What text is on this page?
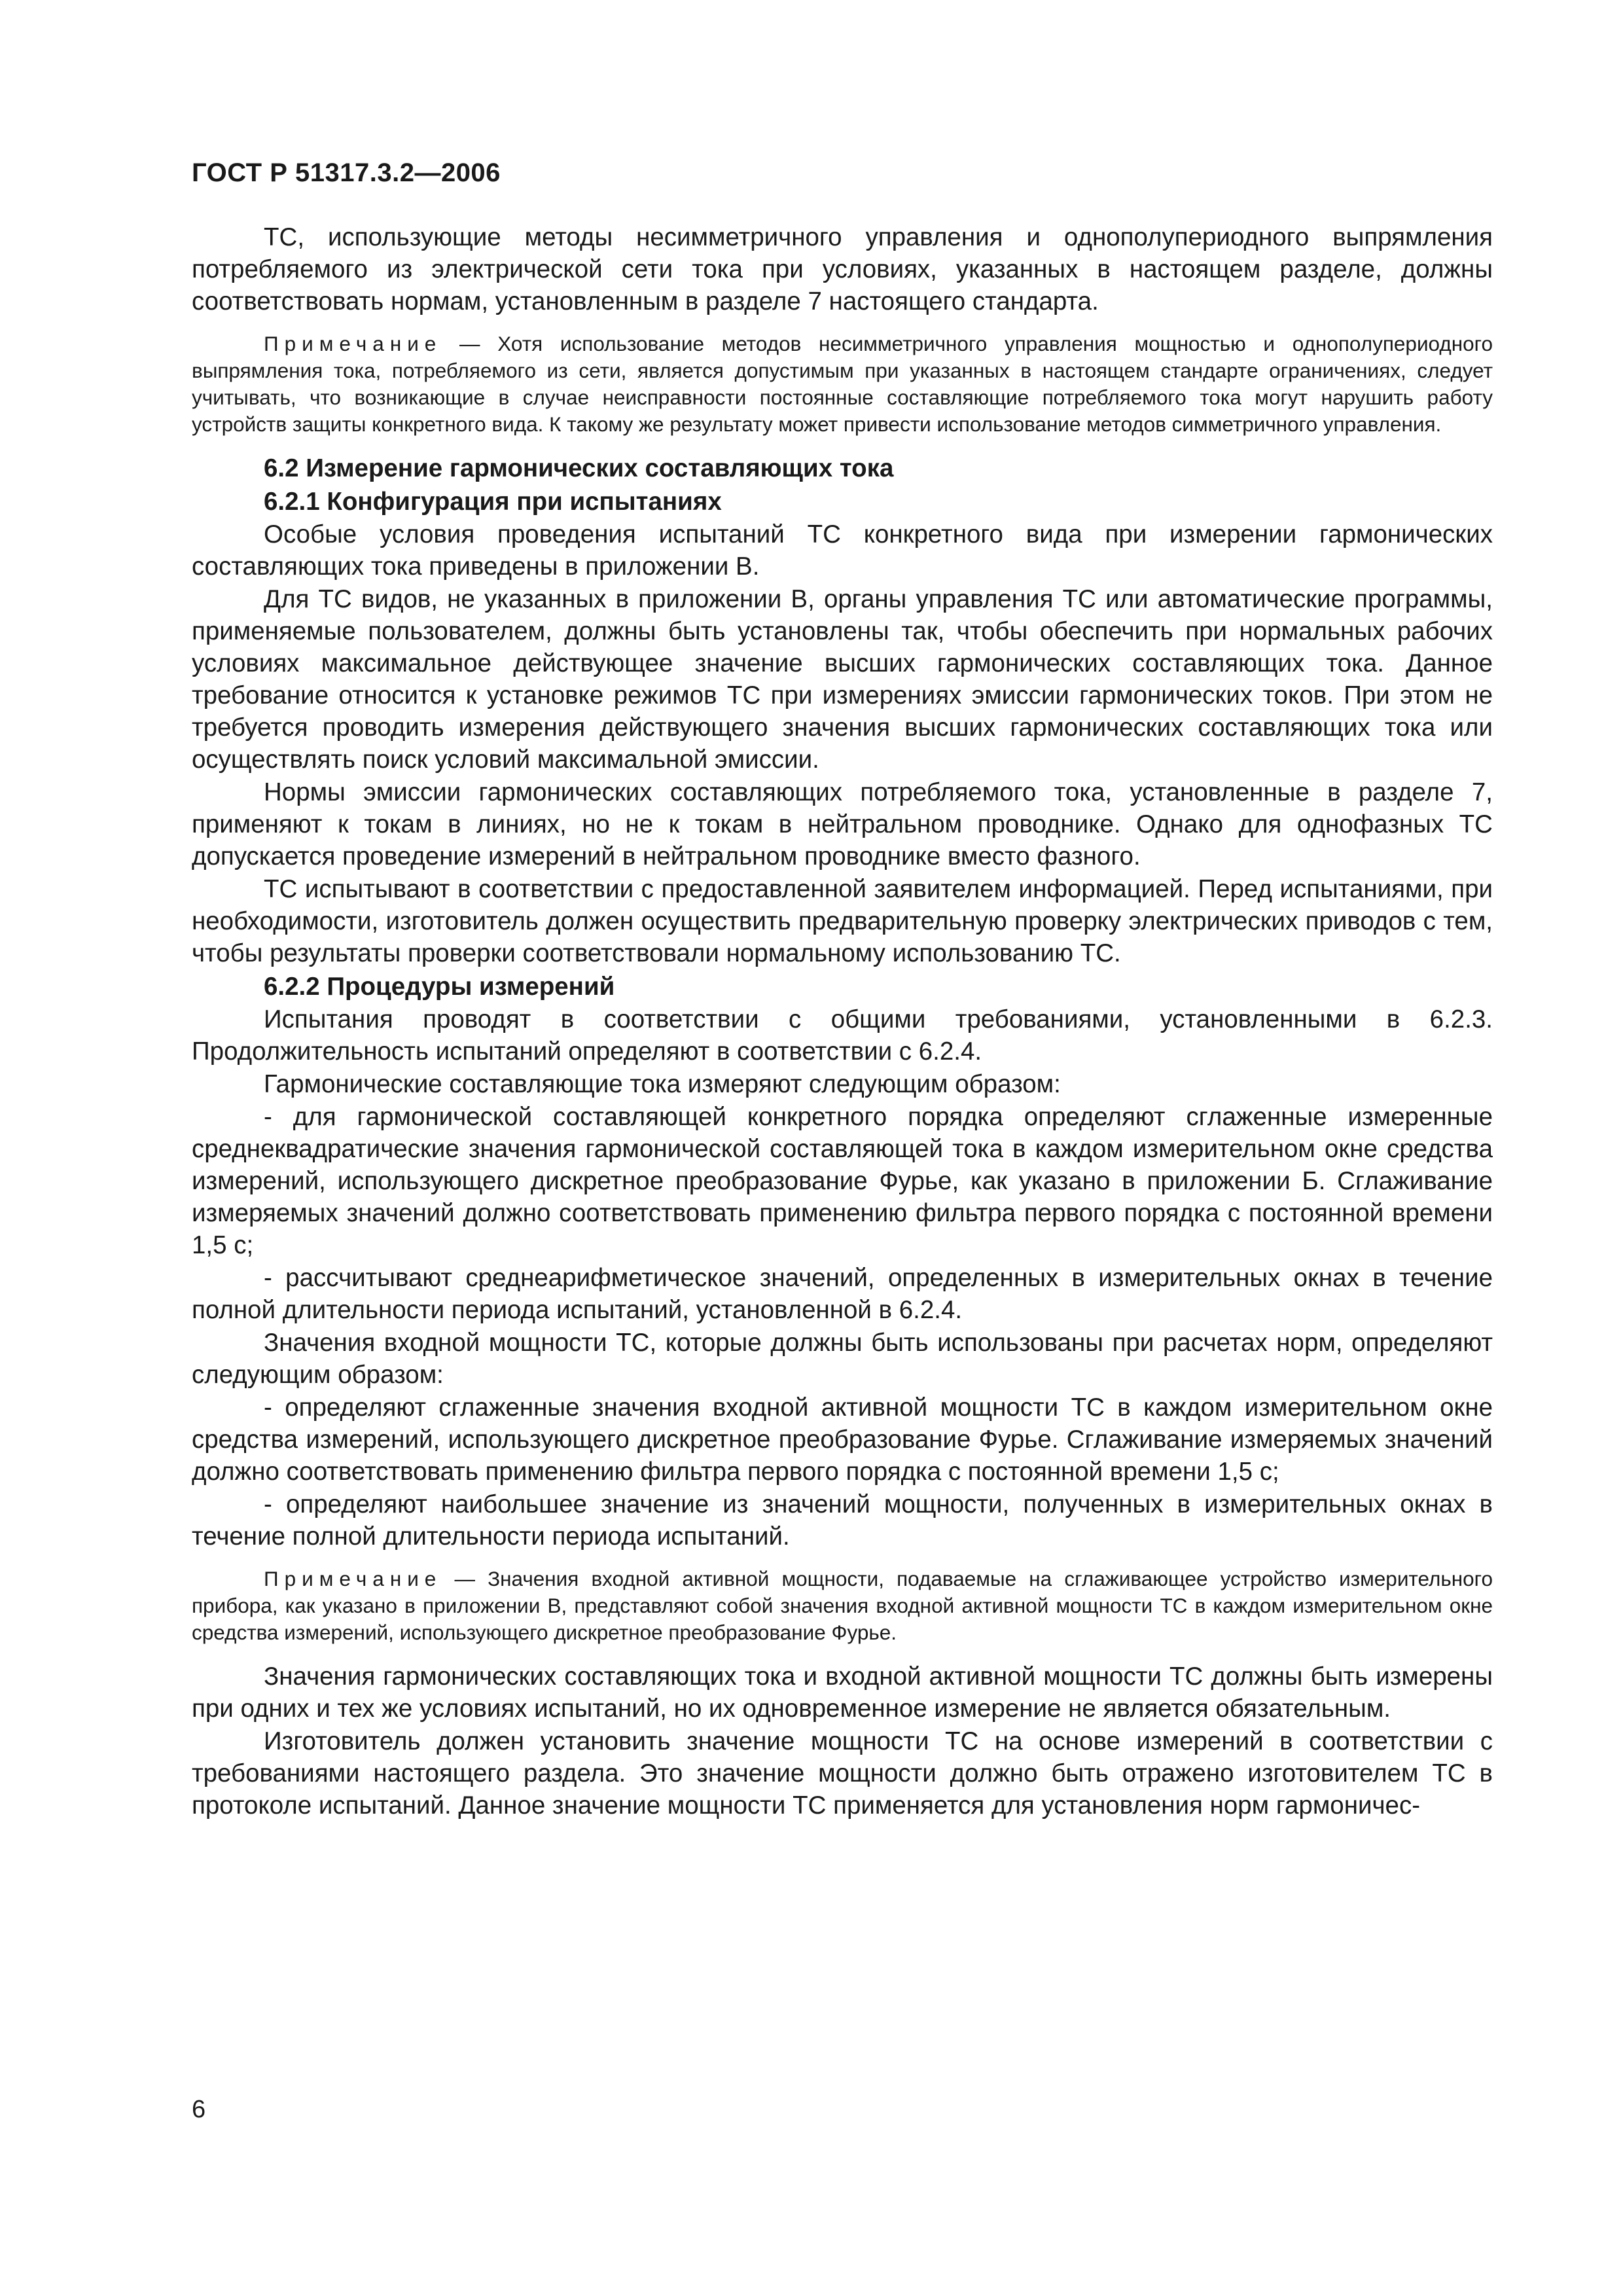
ГОСТ Р 51317.3.2—2006

ТС, использующие методы несимметричного управления и однополупериодного выпрямления потребляемого из электрической сети тока при условиях, указанных в настоящем разделе, должны соответствовать нормам, установленным в разделе 7 настоящего стандарта.

Примечание — Хотя использование методов несимметричного управления мощностью и однополупериодного выпрямления тока, потребляемого из сети, является допустимым при указанных в настоящем стандарте ограничениях, следует учитывать, что возникающие в случае неисправности постоянные составляющие потребляемого тока могут нарушить работу устройств защиты конкретного вида. К такому же результату может привести использование методов симметричного управления.

6.2 Измерение гармонических составляющих тока

6.2.1 Конфигурация при испытаниях

Особые условия проведения испытаний ТС конкретного вида при измерении гармонических составляющих тока приведены в приложении В.

Для ТС видов, не указанных в приложении В, органы управления ТС или автоматические программы, применяемые пользователем, должны быть установлены так, чтобы обеспечить при нормальных рабочих условиях максимальное действующее значение высших гармонических составляющих тока. Данное требование относится к установке режимов ТС при измерениях эмиссии гармонических токов. При этом не требуется проводить измерения действующего значения высших гармонических составляющих тока или осуществлять поиск условий максимальной эмиссии.

Нормы эмиссии гармонических составляющих потребляемого тока, установленные в разделе 7, применяют к токам в линиях, но не к токам в нейтральном проводнике. Однако для однофазных ТС допускается проведение измерений в нейтральном проводнике вместо фазного.

ТС испытывают в соответствии с предоставленной заявителем информацией. Перед испытаниями, при необходимости, изготовитель должен осуществить предварительную проверку электрических приводов с тем, чтобы результаты проверки соответствовали нормальному использованию ТС.

6.2.2 Процедуры измерений

Испытания проводят в соответствии с общими требованиями, установленными в 6.2.3. Продолжительность испытаний определяют в соответствии с 6.2.4.

Гармонические составляющие тока измеряют следующим образом:

- для гармонической составляющей конкретного порядка определяют сглаженные измеренные среднеквадратические значения гармонической составляющей тока в каждом измерительном окне средства измерений, использующего дискретное преобразование Фурье, как указано в приложении Б. Сглаживание измеряемых значений должно соответствовать применению фильтра первого порядка с постоянной времени 1,5 с;

- рассчитывают среднеарифметическое значений, определенных в измерительных окнах в течение полной длительности периода испытаний, установленной в 6.2.4.

Значения входной мощности ТС, которые должны быть использованы при расчетах норм, определяют следующим образом:

- определяют сглаженные значения входной активной мощности ТС в каждом измерительном окне средства измерений, использующего дискретное преобразование Фурье. Сглаживание измеряемых значений должно соответствовать применению фильтра первого порядка с постоянной времени 1,5 с;

- определяют наибольшее значение из значений мощности, полученных в измерительных окнах в течение полной длительности периода испытаний.

Примечание — Значения входной активной мощности, подаваемые на сглаживающее устройство измерительного прибора, как указано в приложении В, представляют собой значения входной активной мощности ТС в каждом измерительном окне средства измерений, использующего дискретное преобразование Фурье.

Значения гармонических составляющих тока и входной активной мощности ТС должны быть измерены при одних и тех же условиях испытаний, но их одновременное измерение не является обязательным.

Изготовитель должен установить значение мощности ТС на основе измерений в соответствии с требованиями настоящего раздела. Это значение мощности должно быть отражено изготовителем ТС в протоколе испытаний. Данное значение мощности ТС применяется для установления норм гармоничес-

6
